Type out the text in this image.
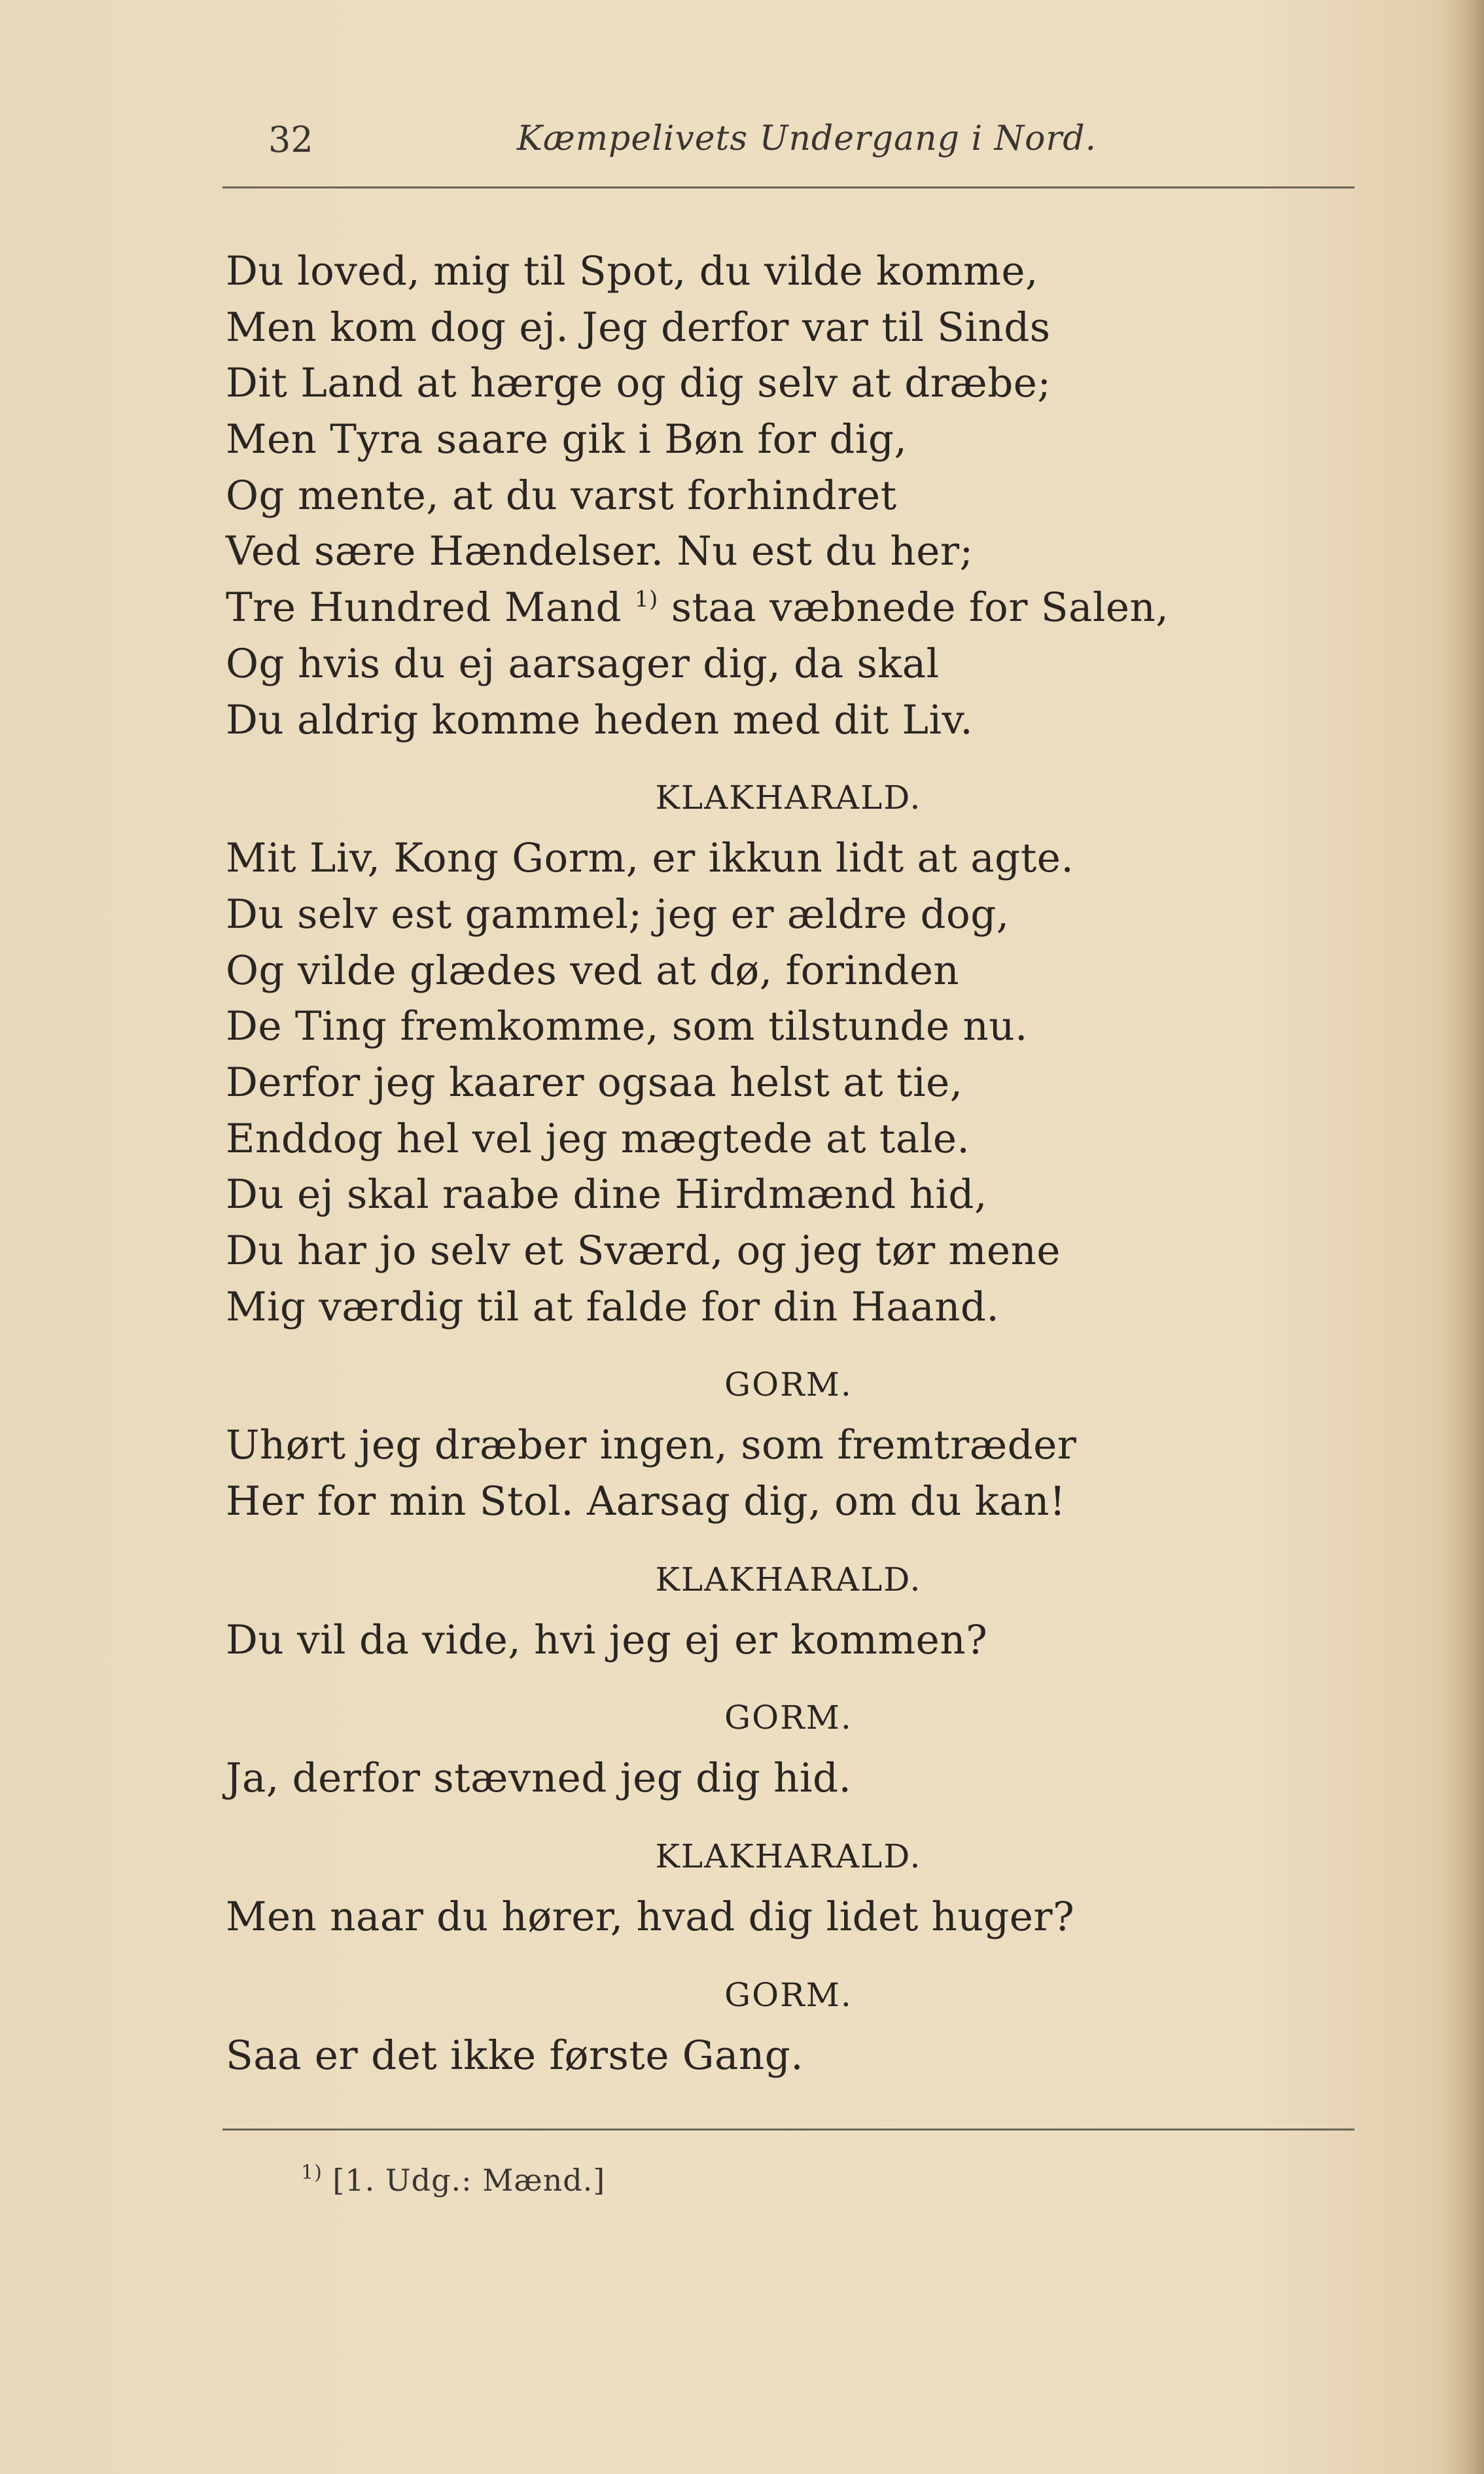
32	Kæmpelivets Undergang i Nord.
Du loved, mig til Spot, du vilde komme,
Men kom dog ej. Jeg derfor var til Sinds
Dit Land at hærge og dig selv at dræbe;
Men Tyra saare gik i Bøn for dig,
Og mente, at du varst forhindret
Ved sære Hændelser. Nu est du her;
Tre Hundred Mand $^{1)}$ staa væbnede for Salen,
Og hvis du ej aarsager dig, da skal
Du aldrig komme heden med dit Liv.
KLAKHARALD.
Mit Liv, Kong Gorm, er ikkun lidt at agte.
Du selv est gammel; jeg er ældre dog,
Og vilde glædes ved at dø, forinden
De Ting fremkomme, som tilstunde nu.
Derfor jeg kaarer ogsaa helst at tie,
Enddog hel vel jeg mægtede at tale.
Du ej skal raabe dine Hirdmænd hid,
Du har jo selv et Sværd, og jeg tør mene
Mig værdig til at falde for din Haand.
GORM.
Uhørt jeg dræber ingen, som fremtræder
Her for min Stol. Aarsag dig, om du kan!
KLAKHARALD.
Du vil da vide, hvi jeg ej er kommen?
GORM.
Ja, derfor stævned jeg dig hid.
KLAKHARALD.
Men naar du hører, hvad dig lidet huger?
GORM.
Saa er det ikke første Gang.
$^{1)}$ [1. Udg.: Mænd.]
